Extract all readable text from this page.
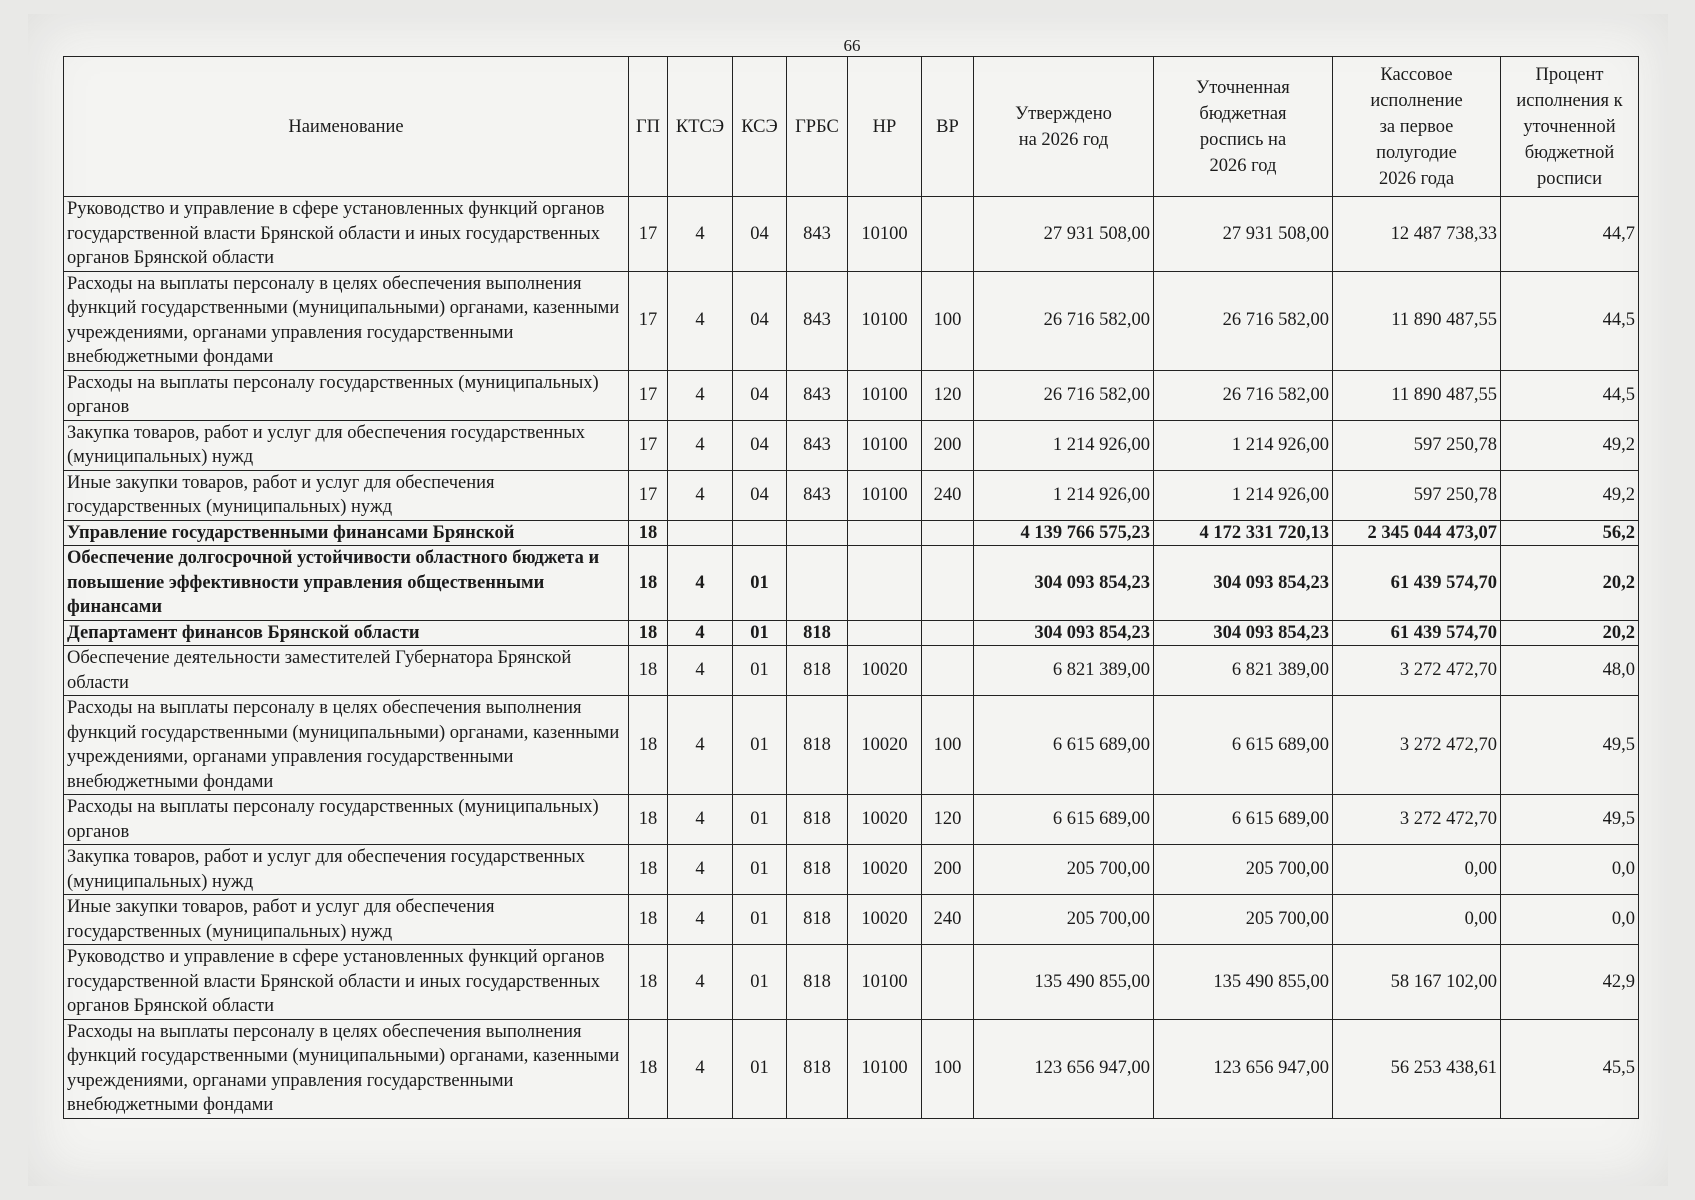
66
Наименование	ГП	КТСЭ	КСЭ	ГРБС	НР	ВР	Утверждено на 2026 год	Уточненная бюджетная роспись на 2026 год	Кассовое исполнение за первое полугодие 2026 года	Процент исполнения к уточненной бюджетной росписи
Руководство и управление в сфере установленных функций органов государственной власти Брянской области и иных государственных органов Брянской области	17	4	04	843	10100		27 931 508,00	27 931 508,00	12 487 738,33	44,7
Расходы на выплаты персоналу в целях обеспечения выполнения функций государственными (муниципальными) органами, казенными учреждениями, органами управления государственными внебюджетными фондами	17	4	04	843	10100	100	26 716 582,00	26 716 582,00	11 890 487,55	44,5
Расходы на выплаты персоналу государственных (муниципальных) органов	17	4	04	843	10100	120	26 716 582,00	26 716 582,00	11 890 487,55	44,5
Закупка товаров, работ и услуг для обеспечения государственных (муниципальных) нужд	17	4	04	843	10100	200	1 214 926,00	1 214 926,00	597 250,78	49,2
Иные закупки товаров, работ и услуг для обеспечения государственных (муниципальных) нужд	17	4	04	843	10100	240	1 214 926,00	1 214 926,00	597 250,78	49,2
Управление государственными финансами Брянской	18						4 139 766 575,23	4 172 331 720,13	2 345 044 473,07	56,2
Обеспечение долгосрочной устойчивости областного бюджета и повышение эффективности управления общественными финансами	18	4	01				304 093 854,23	304 093 854,23	61 439 574,70	20,2
Департамент финансов Брянской области	18	4	01	818			304 093 854,23	304 093 854,23	61 439 574,70	20,2
Обеспечение деятельности заместителей Губернатора Брянской области	18	4	01	818	10020		6 821 389,00	6 821 389,00	3 272 472,70	48,0
Расходы на выплаты персоналу в целях обеспечения выполнения функций государственными (муниципальными) органами, казенными учреждениями, органами управления государственными внебюджетными фондами	18	4	01	818	10020	100	6 615 689,00	6 615 689,00	3 272 472,70	49,5
Расходы на выплаты персоналу государственных (муниципальных) органов	18	4	01	818	10020	120	6 615 689,00	6 615 689,00	3 272 472,70	49,5
Закупка товаров, работ и услуг для обеспечения государственных (муниципальных) нужд	18	4	01	818	10020	200	205 700,00	205 700,00	0,00	0,0
Иные закупки товаров, работ и услуг для обеспечения государственных (муниципальных) нужд	18	4	01	818	10020	240	205 700,00	205 700,00	0,00	0,0
Руководство и управление в сфере установленных функций органов государственной власти Брянской области и иных государственных органов Брянской области	18	4	01	818	10100		135 490 855,00	135 490 855,00	58 167 102,00	42,9
Расходы на выплаты персоналу в целях обеспечения выполнения функций государственными (муниципальными) органами, казенными учреждениями, органами управления государственными внебюджетными фондами	18	4	01	818	10100	100	123 656 947,00	123 656 947,00	56 253 438,61	45,5
